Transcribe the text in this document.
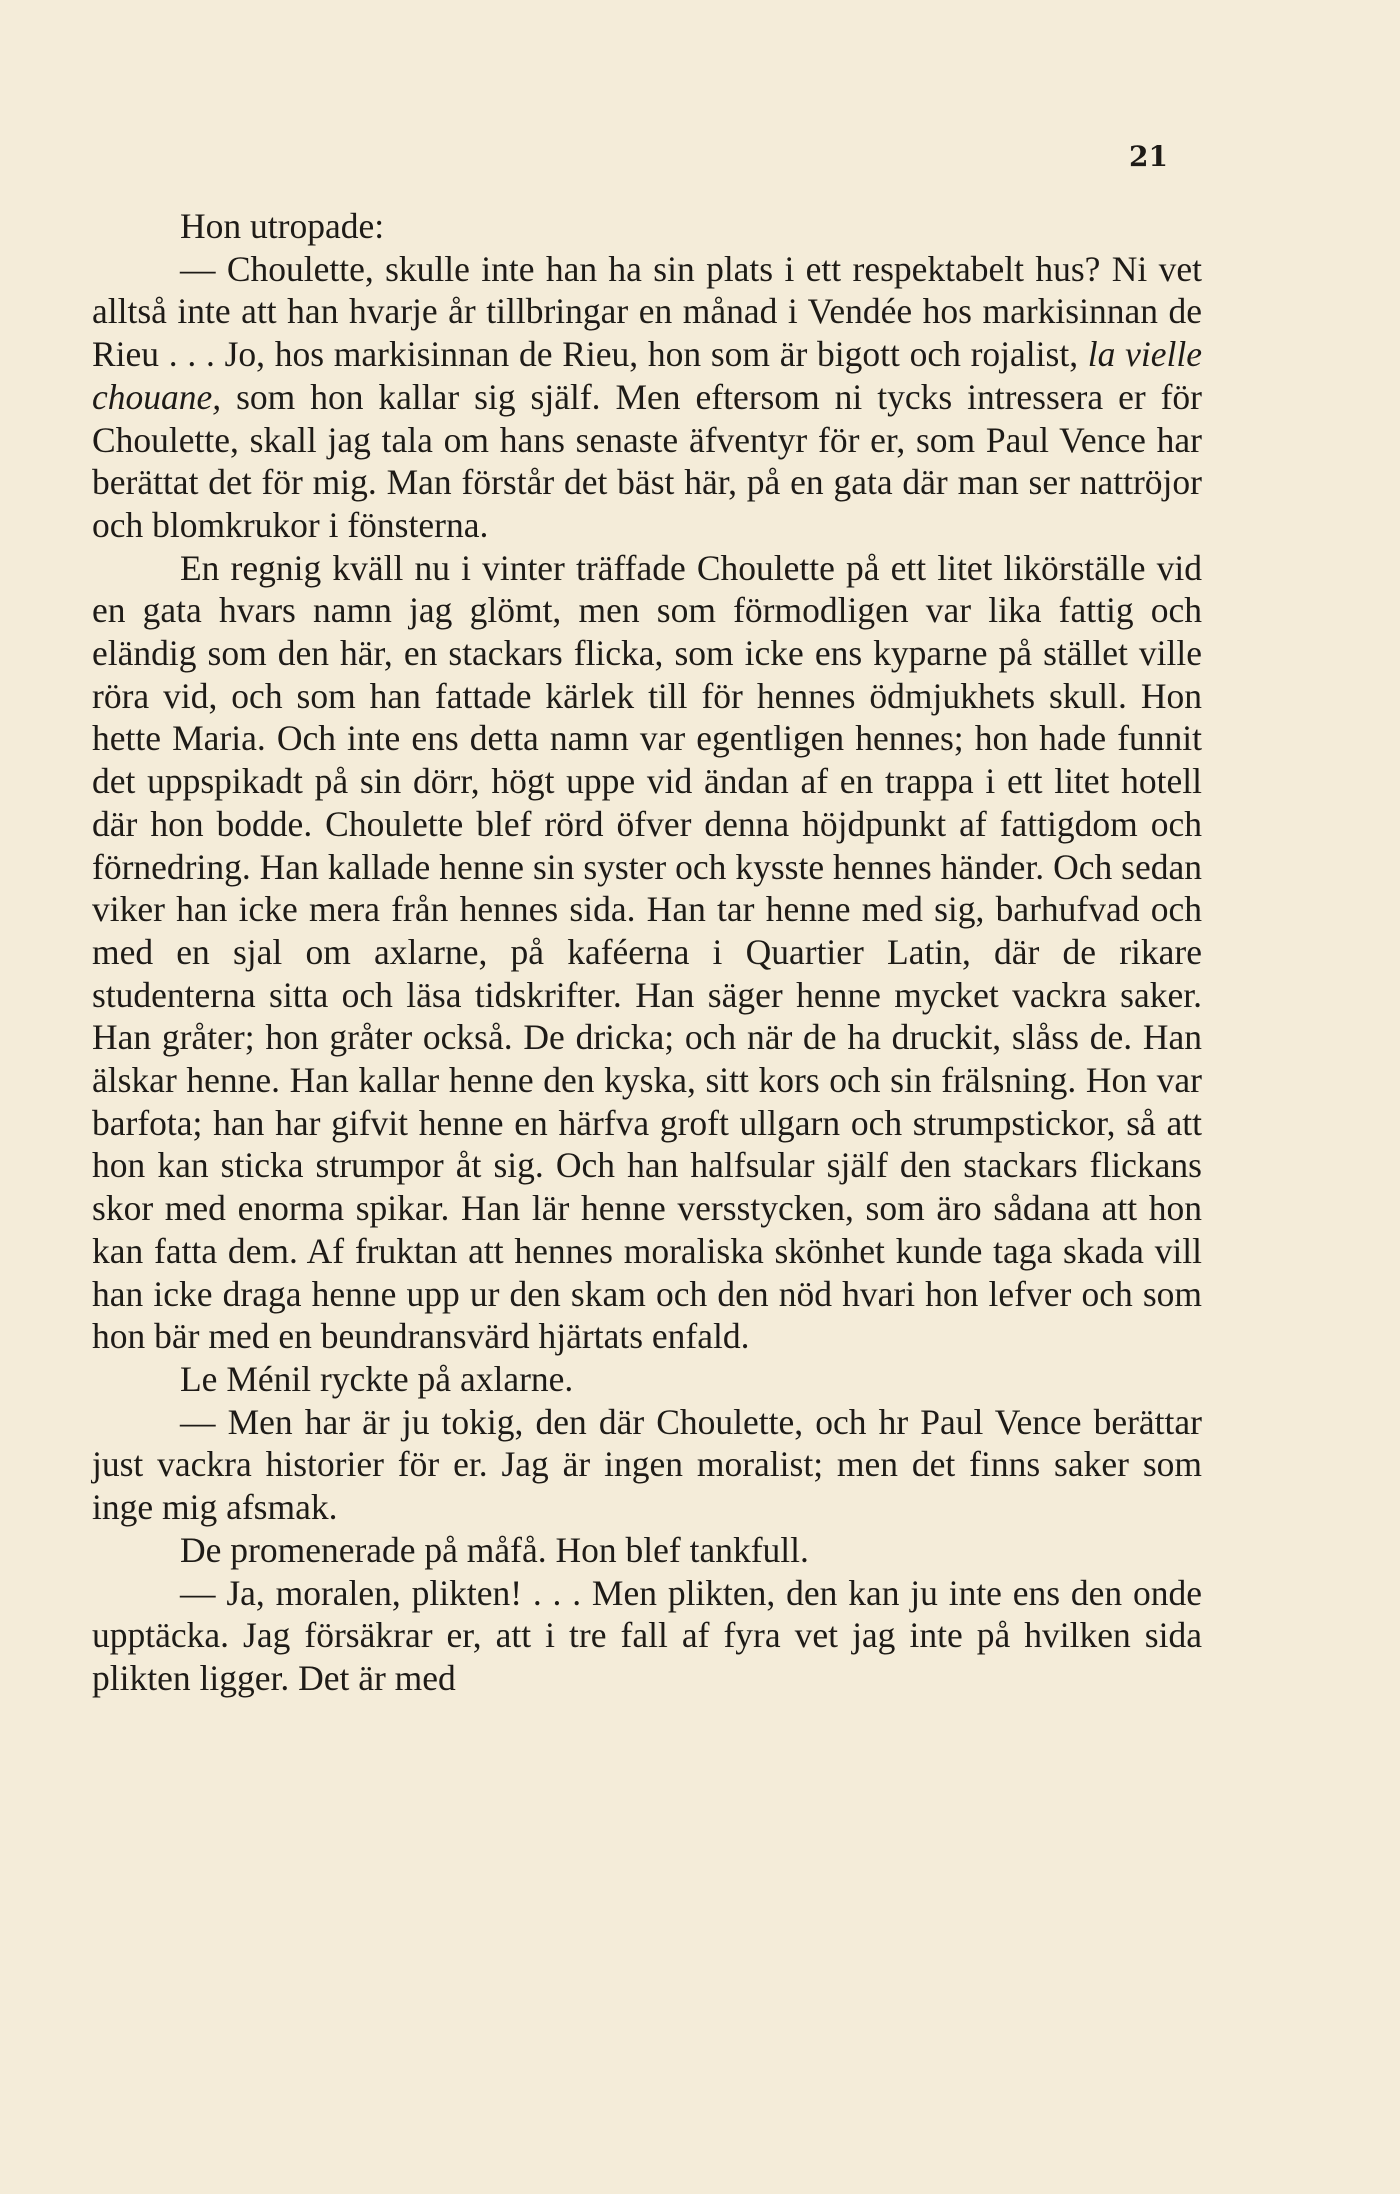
21

Hon utropade:

— Choulette, skulle inte han ha sin plats i ett respektabelt hus? Ni vet alltså inte att han hvarje år tillbringar en månad i Vendée hos markisinnan de Rieu . . . Jo, hos markisinnan de Rieu, hon som är bigott och rojalist, la vielle chouane, som hon kallar sig själf. Men eftersom ni tycks intressera er för Choulette, skall jag tala om hans senaste äfventyr för er, som Paul Vence har berättat det för mig. Man förstår det bäst här, på en gata där man ser nattröjor och blomkrukor i fönsterna.

En regnig kväll nu i vinter träffade Choulette på ett litet likörställe vid en gata hvars namn jag glömt, men som förmodligen var lika fattig och eländig som den här, en stackars flicka, som icke ens kyparne på stället ville röra vid, och som han fattade kärlek till för hennes ödmjukhets skull. Hon hette Maria. Och inte ens detta namn var egentligen hennes; hon hade funnit det uppspikadt på sin dörr, högt uppe vid ändan af en trappa i ett litet hotell där hon bodde. Choulette blef rörd öfver denna höjdpunkt af fattigdom och förnedring. Han kallade henne sin syster och kysste hennes händer. Och sedan viker han icke mera från hennes sida. Han tar henne med sig, barhufvad och med en sjal om axlarne, på kaféerna i Quartier Latin, där de rikare studenterna sitta och läsa tidskrifter. Han säger henne mycket vackra saker. Han gråter; hon gråter också. De dricka; och när de ha druckit, slåss de. Han älskar henne. Han kallar henne den kyska, sitt kors och sin frälsning. Hon var barfota; han har gifvit henne en härfva groft ullgarn och strumpstickor, så att hon kan sticka strumpor åt sig. Och han halfsular själf den stackars flickans skor med enorma spikar. Han lär henne versstycken, som äro sådana att hon kan fatta dem. Af fruktan att hennes moraliska skönhet kunde taga skada vill han icke draga henne upp ur den skam och den nöd hvari hon lefver och som hon bär med en beundransvärd hjärtats enfald.

Le Ménil ryckte på axlarne.

— Men har är ju tokig, den där Choulette, och hr Paul Vence berättar just vackra historier för er. Jag är ingen moralist; men det finns saker som inge mig afsmak.

De promenerade på måfå. Hon blef tankfull.

— Ja, moralen, plikten! . . . Men plikten, den kan ju inte ens den onde upptäcka. Jag försäkrar er, att i tre fall af fyra vet jag inte på hvilken sida plikten ligger. Det är med
